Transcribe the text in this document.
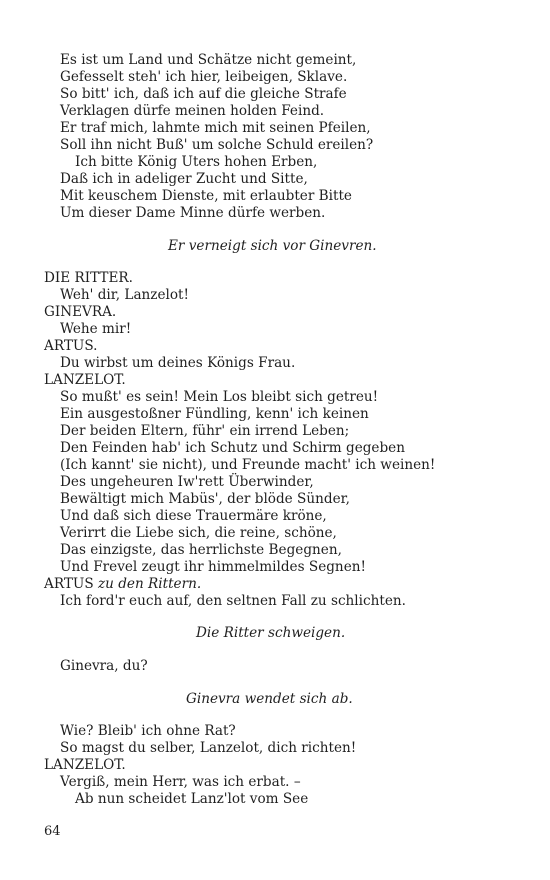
Es ist um Land und Schätze nicht gemeint,
Gefesselt steh' ich hier, leibeigen, Sklave.
So bitt' ich, daß ich auf die gleiche Strafe
Verklagen dürfe meinen holden Feind.
Er traf mich, lahmte mich mit seinen Pfeilen,
Soll ihn nicht Buß' um solche Schuld ereilen?
Ich bitte König Uters hohen Erben,
Daß ich in adeliger Zucht und Sitte,
Mit keuschem Dienste, mit erlaubter Bitte
Um dieser Dame Minne dürfe werben.
Er verneigt sich vor Ginevren.
DIE RITTER.
Weh' dir, Lanzelot!
GINEVRA.
Wehe mir!
ARTUS.
Du wirbst um deines Königs Frau.
LANZELOT.
So mußt' es sein! Mein Los bleibt sich getreu!
Ein ausgestoßner Fündling, kenn' ich keinen
Der beiden Eltern, führ' ein irrend Leben;
Den Feinden hab' ich Schutz und Schirm gegeben
(Ich kannt' sie nicht), und Freunde macht' ich weinen!
Des ungeheuren Iw'rett Überwinder,
Bewältigt mich Mabüs', der blöde Sünder,
Und daß sich diese Trauermäre kröne,
Verirrt die Liebe sich, die reine, schöne,
Das einzigste, das herrlichste Begegnen,
Und Frevel zeugt ihr himmelmildes Segnen!
ARTUS zu den Rittern.
Ich ford'r euch auf, den seltnen Fall zu schlichten.
Die Ritter schweigen.
Ginevra, du?
Ginevra wendet sich ab.
Wie? Bleib' ich ohne Rat?
So magst du selber, Lanzelot, dich richten!
LANZELOT.
Vergiß, mein Herr, was ich erbat. –
Ab nun scheidet Lanz'lot vom See
64
